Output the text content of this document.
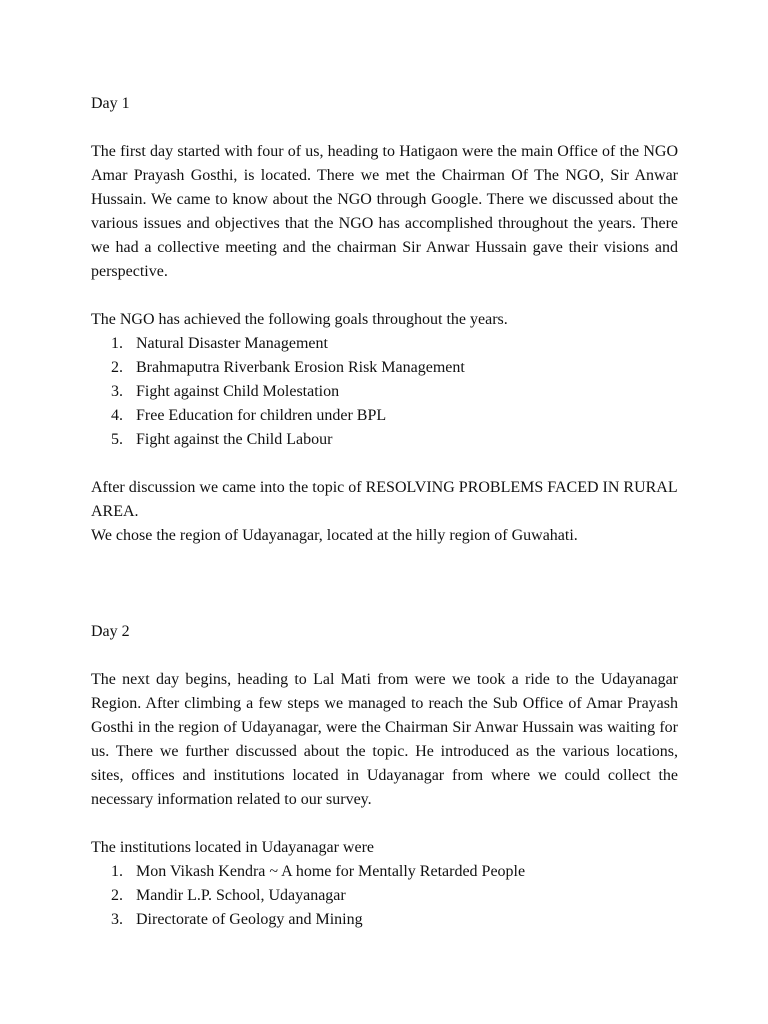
Day 1

The first day started with four of us, heading to Hatigaon were the main Office of the NGO Amar Prayash Gosthi, is located. There we met the Chairman Of The NGO, Sir Anwar Hussain. We came to know about the NGO through Google. There we discussed about the various issues and objectives that the NGO has accomplished throughout the years. There we had a collective meeting and the chairman Sir Anwar Hussain gave their visions and perspective.

The NGO has achieved the following goals throughout the years.

1. Natural Disaster Management
2. Brahmaputra Riverbank Erosion Risk Management
3. Fight against Child Molestation
4. Free Education for children under BPL
5. Fight against the Child Labour

After discussion we came into the topic of RESOLVING PROBLEMS FACED IN RURAL AREA.

We chose the region of Udayanagar, located at the hilly region of Guwahati.

Day 2

The next day begins, heading to Lal Mati from were we took a ride to the Udayanagar Region. After climbing a few steps we managed to reach the Sub Office of Amar Prayash Gosthi in the region of Udayanagar, were the Chairman Sir Anwar Hussain was waiting for us. There we further discussed about the topic. He introduced as the various locations, sites, offices and institutions located in Udayanagar from where we could collect the necessary information related to our survey.

The institutions located in Udayanagar were

1. Mon Vikash Kendra ~ A home for Mentally Retarded People
2. Mandir L.P. School, Udayanagar
3. Directorate of Geology and Mining
